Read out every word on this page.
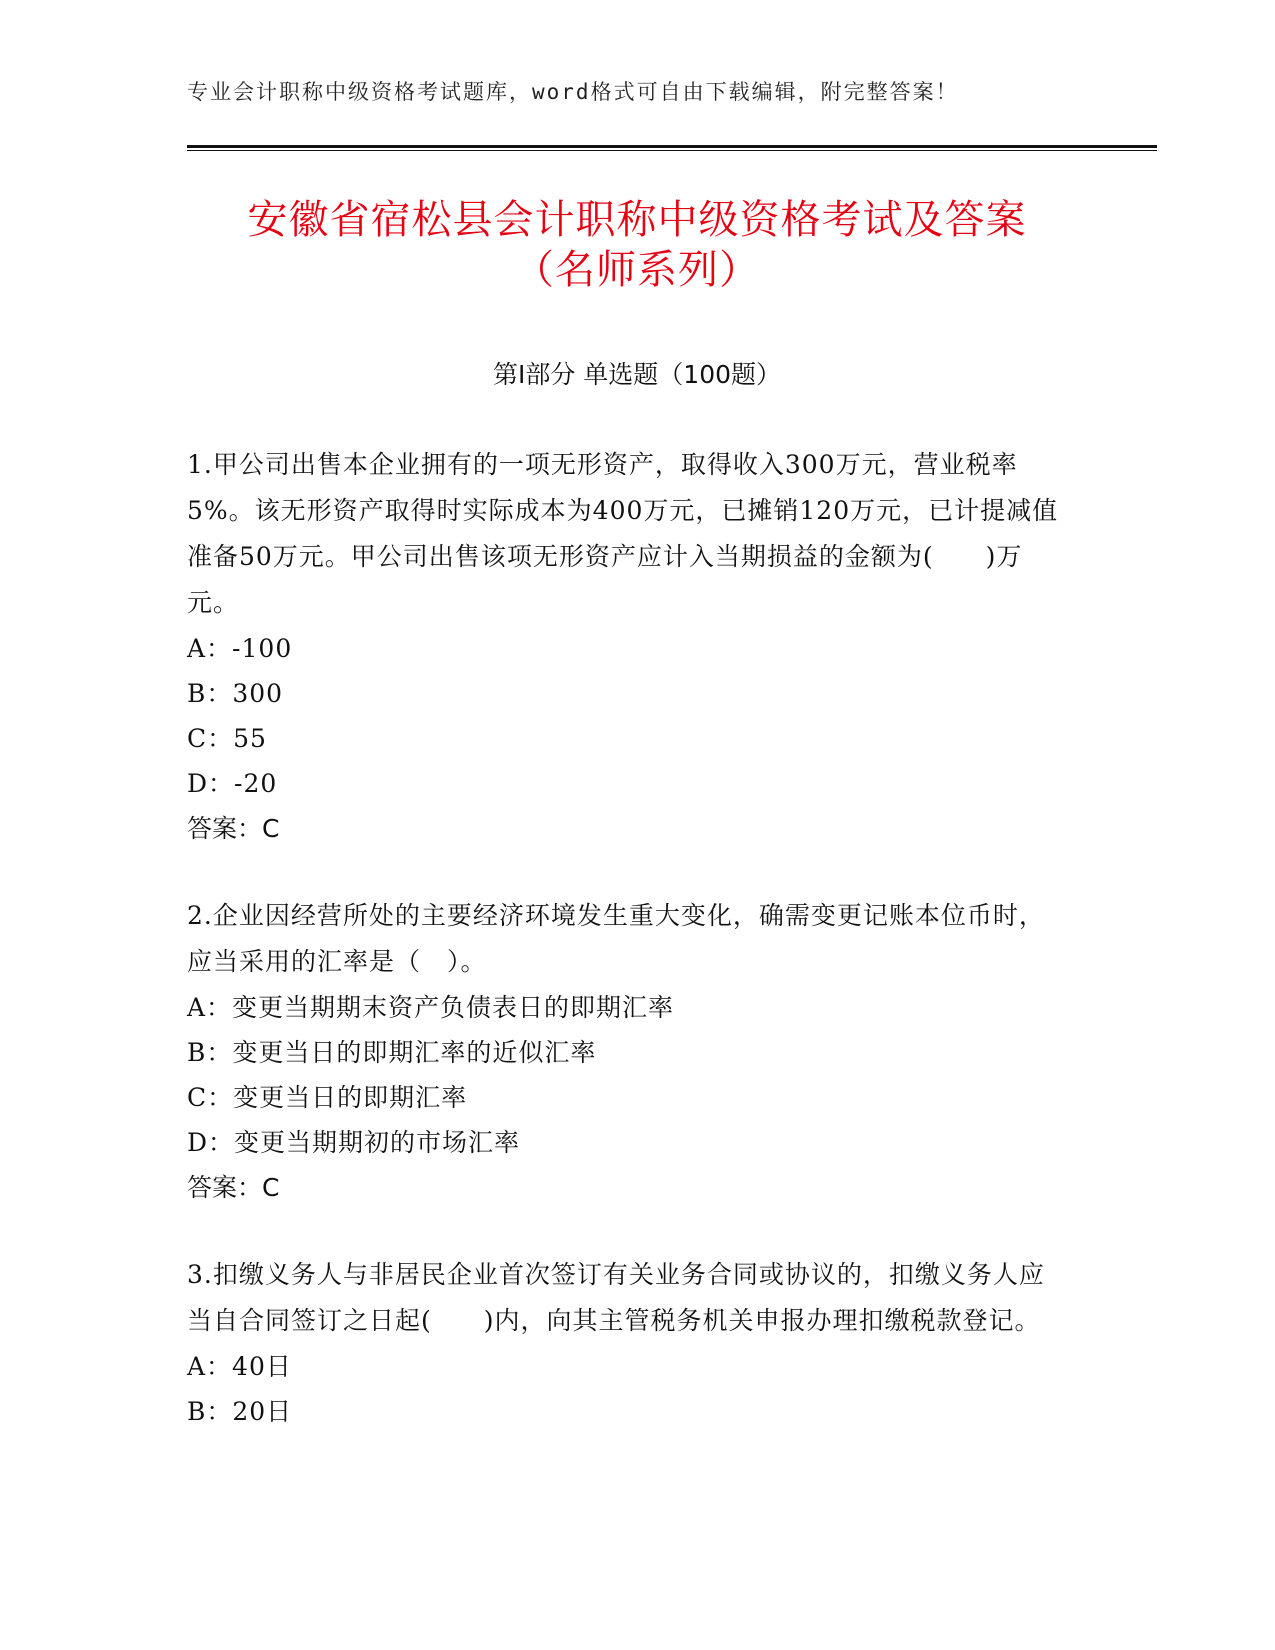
专业会计职称中级资格考试题库，word格式可自由下载编辑，附完整答案！
安徽省宿松县会计职称中级资格考试及答案
（名师系列）
第Ⅰ部分 单选题（100题）

1.甲公司出售本企业拥有的一项无形资产，取得收入300万元，营业税率5%。该无形资产取得时实际成本为400万元，已摊销120万元，已计提减值准备50万元。甲公司出售该项无形资产应计入当期损益的金额为(　　)万元。

A：-100
B：300
C：55
D：-20
答案：C

2.企业因经营所处的主要经济环境发生重大变化，确需变更记账本位币时，应当采用的汇率是（　）。

A：变更当期期末资产负债表日的即期汇率
B：变更当日的即期汇率的近似汇率
C：变更当日的即期汇率
D：变更当期期初的市场汇率
答案：C

3.扣缴义务人与非居民企业首次签订有关业务合同或协议的，扣缴义务人应当自合同签订之日起(　　)内，向其主管税务机关申报办理扣缴税款登记。

A：40日
B：20日
